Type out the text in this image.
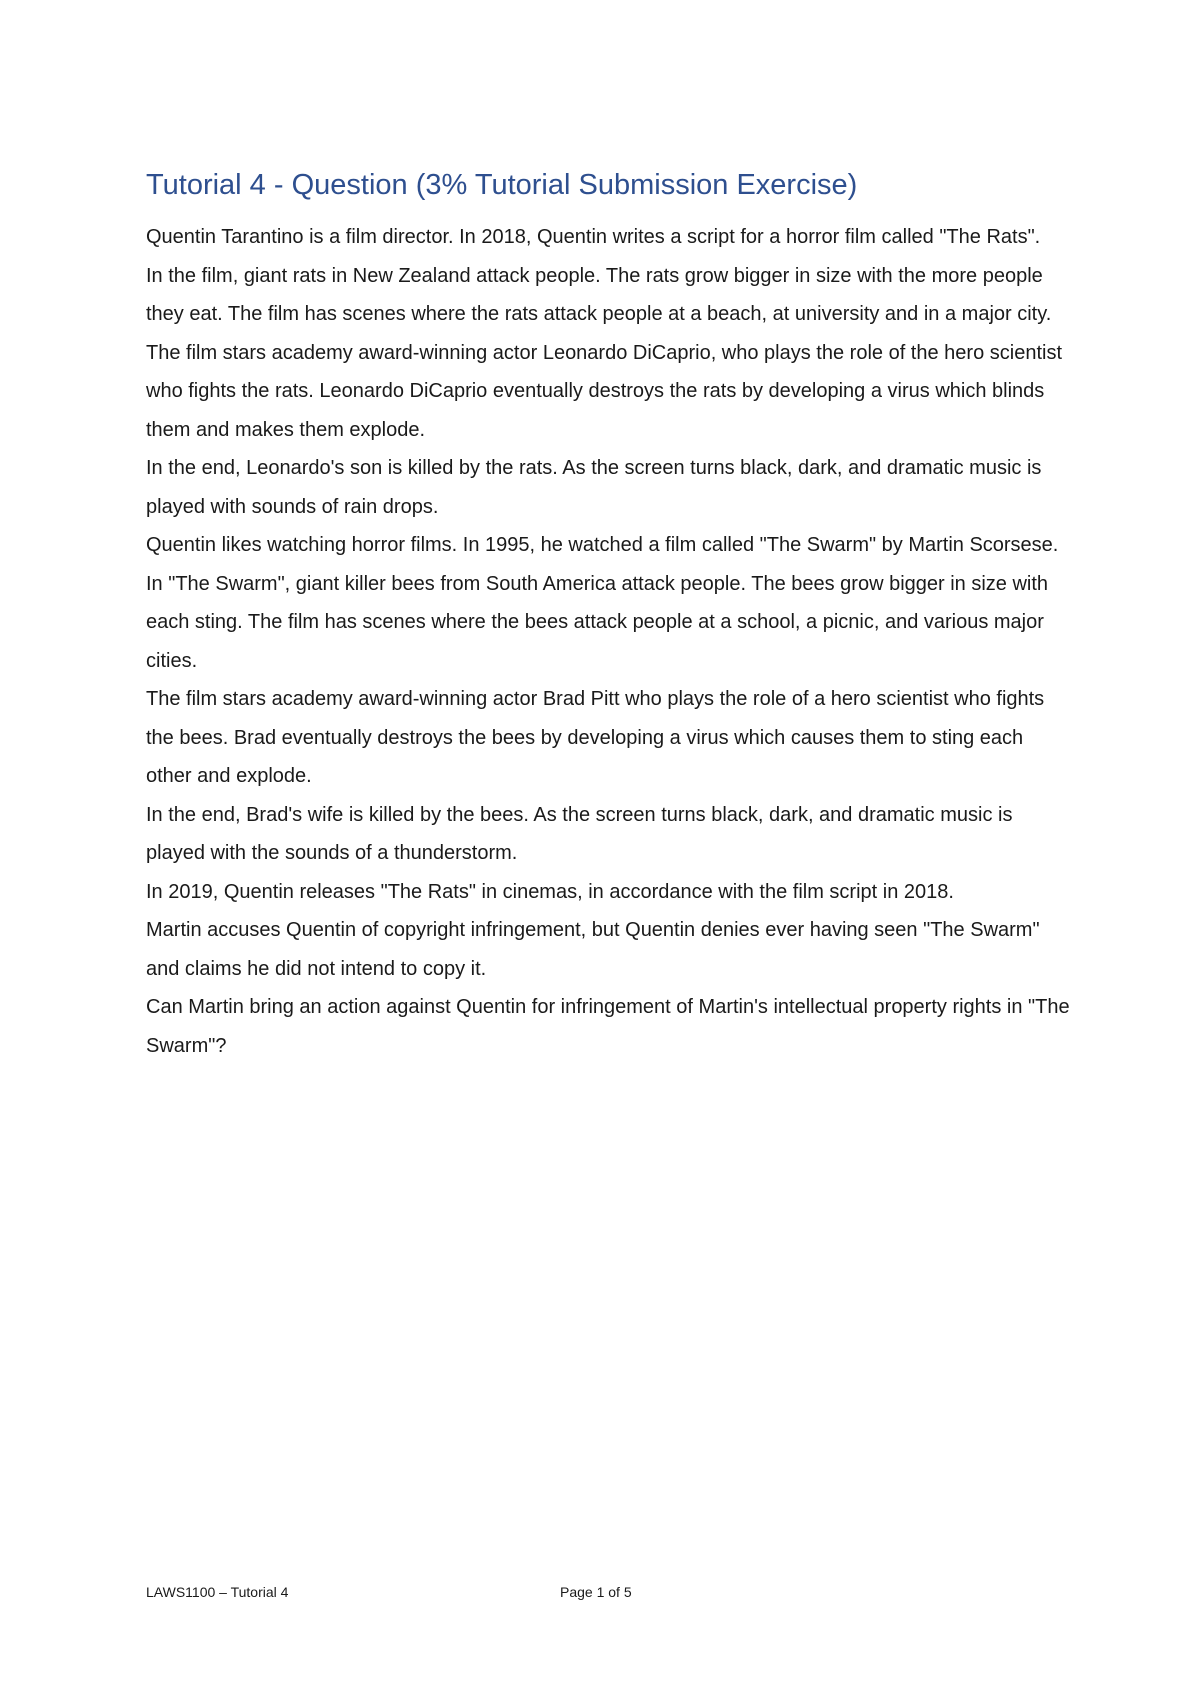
Tutorial 4 - Question (3% Tutorial Submission Exercise)

Quentin Tarantino is a film director. In 2018, Quentin writes a script for a horror film called "The Rats".

In the film, giant rats in New Zealand attack people. The rats grow bigger in size with the more people they eat. The film has scenes where the rats attack people at a beach, at university and in a major city.

The film stars academy award-winning actor Leonardo DiCaprio, who plays the role of the hero scientist who fights the rats. Leonardo DiCaprio eventually destroys the rats by developing a virus which blinds them and makes them explode.

In the end, Leonardo's son is killed by the rats. As the screen turns black, dark, and dramatic music is played with sounds of rain drops.

Quentin likes watching horror films. In 1995, he watched a film called "The Swarm" by Martin Scorsese.

In "The Swarm", giant killer bees from South America attack people. The bees grow bigger in size with each sting. The film has scenes where the bees attack people at a school, a picnic, and various major cities.

The film stars academy award-winning actor Brad Pitt who plays the role of a hero scientist who fights the bees. Brad eventually destroys the bees by developing a virus which causes them to sting each other and explode.

In the end, Brad's wife is killed by the bees. As the screen turns black, dark, and dramatic music is played with the sounds of a thunderstorm.

In 2019, Quentin releases "The Rats" in cinemas, in accordance with the film script in 2018.

Martin accuses Quentin of copyright infringement, but Quentin denies ever having seen "The Swarm" and claims he did not intend to copy it.

Can Martin bring an action against Quentin for infringement of Martin's intellectual property rights in "The Swarm"?

LAWS1100 – Tutorial 4	Page 1 of 5
